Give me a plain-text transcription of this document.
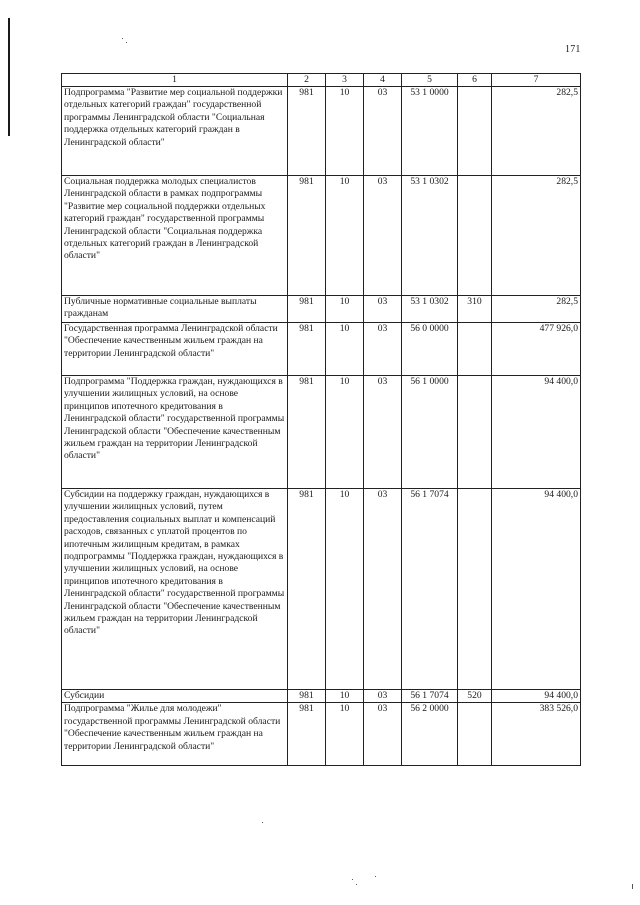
171
1	2	3	4	5	6	7
Подпрограмма "Развитие мер социальной поддержки отдельных категорий граждан" государственной программы Ленинградской области "Социальная поддержка отдельных категорий граждан в Ленинградской области"	981	10	03	53 1 0000		282,5
Социальная поддержка молодых специалистов Ленинградской области в рамках подпрограммы "Развитие мер социальной поддержки отдельных категорий граждан" государственной программы Ленинградской области "Социальная поддержка отдельных категорий граждан в Ленинградской области"	981	10	03	53 1 0302		282,5
Публичные нормативные социальные выплаты гражданам	981	10	03	53 1 0302	310	282,5
Государственная программа Ленинградской области "Обеспечение качественным жильем граждан на территории Ленинградской области"	981	10	03	56 0 0000		477 926,0
Подпрограмма "Поддержка граждан, нуждающихся в улучшении жилищных условий, на основе принципов ипотечного кредитования в Ленинградской области" государственной программы Ленинградской области "Обеспечение качественным жильем граждан на территории Ленинградской области"	981	10	03	56 1 0000		94 400,0
Субсидии на поддержку граждан, нуждающихся в улучшении жилищных условий, путем предоставления социальных выплат и компенсаций расходов, связанных с уплатой процентов по ипотечным жилищным кредитам, в рамках подпрограммы "Поддержка граждан, нуждающихся в улучшении жилищных условий, на основе принципов ипотечного кредитования в Ленинградской области" государственной программы Ленинградской области "Обеспечение качественным жильем граждан на территории Ленинградской области"	981	10	03	56 1 7074		94 400,0
Субсидии	981	10	03	56 1 7074	520	94 400,0
Подпрограмма "Жилье для молодежи" государственной программы Ленинградской области "Обеспечение качественным жильем граждан на территории Ленинградской области"	981	10	03	56 2 0000		383 526,0
